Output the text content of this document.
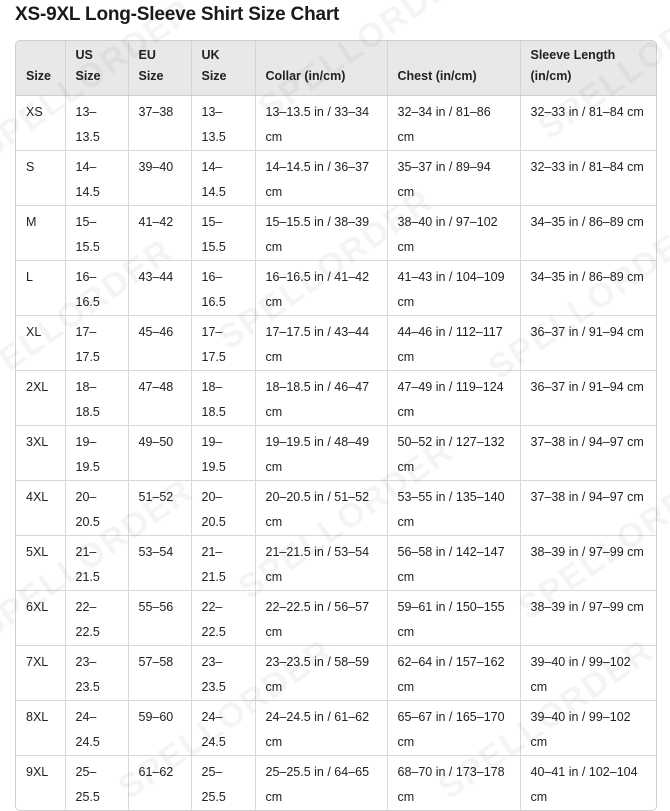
XS-9XL Long-Sleeve Shirt Size Chart
Size	US Size	EU Size	UK Size	Collar (in/cm)	Chest (in/cm)	Sleeve Length (in/cm)
XS	13–13.5	37–38	13–13.5	13–13.5 in / 33–34 cm	32–34 in / 81–86 cm	32–33 in / 81–84 cm
S	14–14.5	39–40	14–14.5	14–14.5 in / 36–37 cm	35–37 in / 89–94 cm	32–33 in / 81–84 cm
M	15–15.5	41–42	15–15.5	15–15.5 in / 38–39 cm	38–40 in / 97–102 cm	34–35 in / 86–89 cm
L	16–16.5	43–44	16–16.5	16–16.5 in / 41–42 cm	41–43 in / 104–109 cm	34–35 in / 86–89 cm
XL	17–17.5	45–46	17–17.5	17–17.5 in / 43–44 cm	44–46 in / 112–117 cm	36–37 in / 91–94 cm
2XL	18–18.5	47–48	18–18.5	18–18.5 in / 46–47 cm	47–49 in / 119–124 cm	36–37 in / 91–94 cm
3XL	19–19.5	49–50	19–19.5	19–19.5 in / 48–49 cm	50–52 in / 127–132 cm	37–38 in / 94–97 cm
4XL	20–20.5	51–52	20–20.5	20–20.5 in / 51–52 cm	53–55 in / 135–140 cm	37–38 in / 94–97 cm
5XL	21–21.5	53–54	21–21.5	21–21.5 in / 53–54 cm	56–58 in / 142–147 cm	38–39 in / 97–99 cm
6XL	22–22.5	55–56	22–22.5	22–22.5 in / 56–57 cm	59–61 in / 150–155 cm	38–39 in / 97–99 cm
7XL	23–23.5	57–58	23–23.5	23–23.5 in / 58–59 cm	62–64 in / 157–162 cm	39–40 in / 99–102 cm
8XL	24–24.5	59–60	24–24.5	24–24.5 in / 61–62 cm	65–67 in / 165–170 cm	39–40 in / 99–102 cm
9XL	25–25.5	61–62	25–25.5	25–25.5 in / 64–65 cm	68–70 in / 173–178 cm	40–41 in / 102–104 cm
